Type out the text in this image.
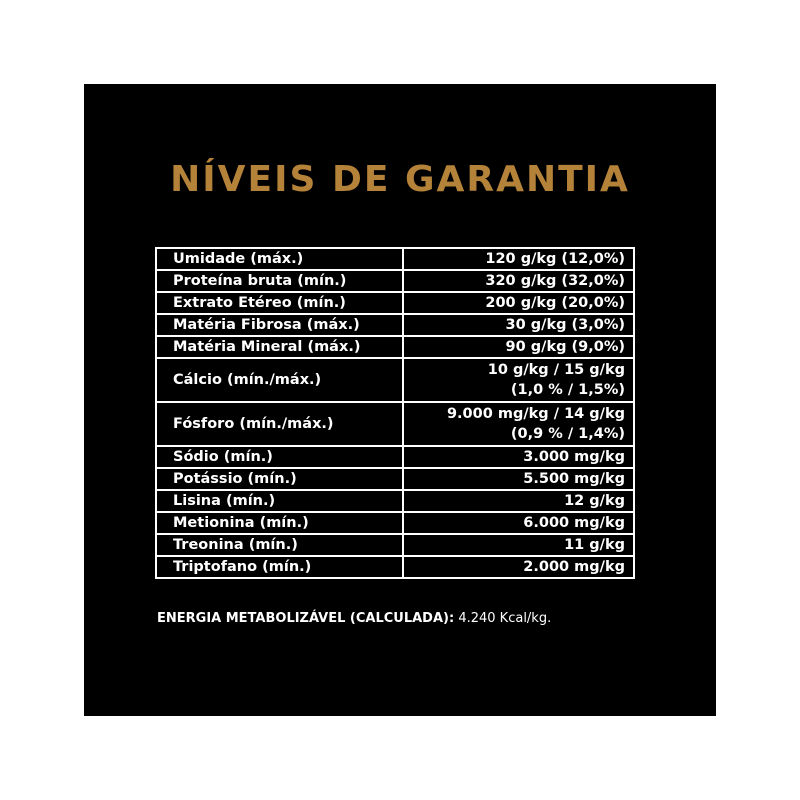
NÍVEIS DE GARANTIA
Umidade (máx.)	120 g/kg (12,0%)

Proteína bruta (mín.)	320 g/kg (32,0%)

Extrato Etéreo (mín.)	200 g/kg (20,0%)

Matéria Fibrosa (máx.)	30 g/kg (3,0%)

Matéria Mineral (máx.)	90 g/kg (9,0%)

Cálcio (mín./máx.)	10 g/kg / 15 g/kg
(1,0 % / 1,5%)

Fósforo (mín./máx.)	9.000 mg/kg / 14 g/kg
(0,9 % / 1,4%)

Sódio (mín.)	3.000 mg/kg

Potássio (mín.)	5.500 mg/kg

Lisina (mín.)	12 g/kg

Metionina (mín.)	6.000 mg/kg

Treonina (mín.)	11 g/kg

Triptofano (mín.)	2.000 mg/kg
ENERGIA METABOLIZÁVEL (CALCULADA): 4.240 Kcal/kg.
